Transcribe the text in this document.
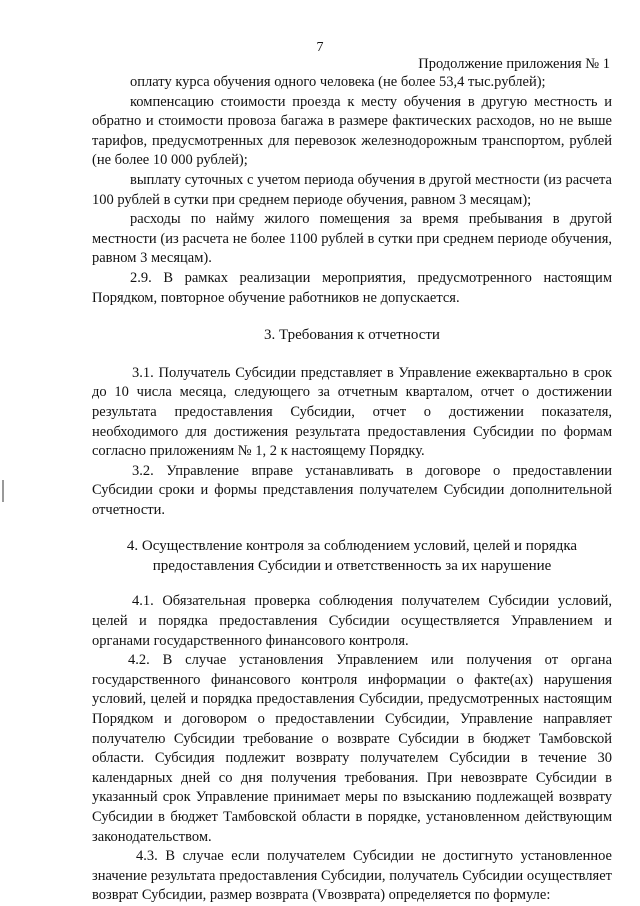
7
Продолжение приложения № 1

оплату курса обучения одного человека (не более 53,4 тыс.рублей);

компенсацию стоимости проезда к месту обучения в другую местность и обратно и стоимости провоза багажа в размере фактических расходов, но не выше тарифов, предусмотренных для перевозок железнодорожным транспортом, рублей (не более 10 000 рублей);

выплату суточных с учетом периода обучения в другой местности (из расчета 100 рублей в сутки при среднем периоде обучения, равном 3 месяцам);

расходы по найму жилого помещения за время пребывания в другой местности (из расчета не более 1100 рублей в сутки при среднем периоде обучения, равном 3 месяцам).

2.9. В рамках реализации мероприятия, предусмотренного настоящим Порядком, повторное обучение работников не допускается.

3. Требования к отчетности

3.1. Получатель Субсидии представляет в Управление ежеквартально в срок до 10 числа месяца, следующего за отчетным кварталом, отчет о достижении результата предоставления Субсидии, отчет о достижении показателя, необходимого для достижения результата предоставления Субсидии по формам согласно приложениям № 1, 2 к настоящему Порядку.

3.2. Управление вправе устанавливать в договоре о предоставлении Субсидии сроки и формы представления получателем Субсидии дополнительной отчетности.

4. Осуществление контроля за соблюдением условий, целей и порядка предоставления Субсидии и ответственность за их нарушение

4.1. Обязательная проверка соблюдения получателем Субсидии условий, целей и порядка предоставления Субсидии осуществляется Управлением и органами государственного финансового контроля.

4.2. В случае установления Управлением или получения от органа государственного финансового контроля информации о факте(ах) нарушения условий, целей и порядка предоставления Субсидии, предусмотренных настоящим Порядком и договором о предоставлении Субсидии, Управление направляет получателю Субсидии требование о возврате Субсидии в бюджет Тамбовской области. Субсидия подлежит возврату получателем Субсидии в течение 30 календарных дней со дня получения требования. При невозврате Субсидии в указанный срок Управление принимает меры по взысканию подлежащей возврату Субсидии в бюджет Тамбовской области в порядке, установленном действующим законодательством.

4.3. В случае если получателем Субсидии не достигнуто установленное значение результата предоставления Субсидии, получатель Субсидии осуществляет возврат Субсидии, размер возврата (Vвозврата) определяется по формуле:
